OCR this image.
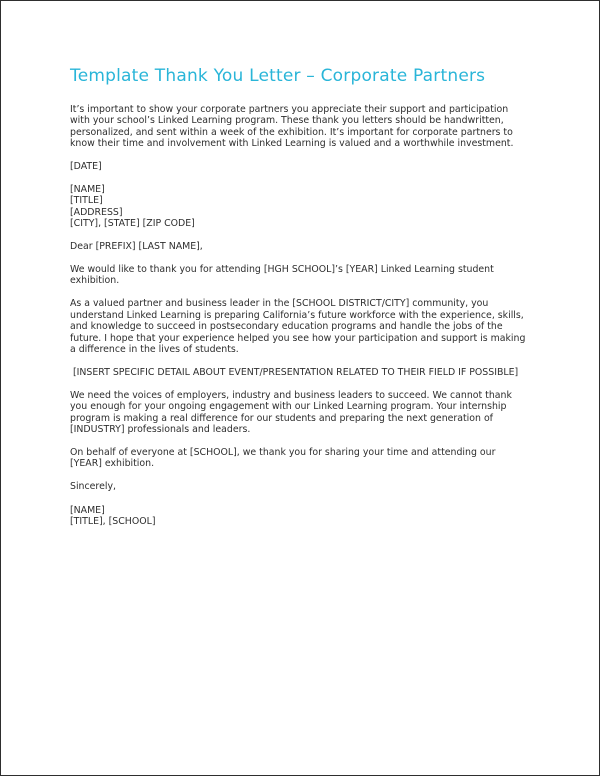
Template Thank You Letter – Corporate Partners

It’s important to show your corporate partners you appreciate their support and participation with your school’s Linked Learning program. These thank you letters should be handwritten, personalized, and sent within a week of the exhibition. It’s important for corporate partners to know their time and involvement with Linked Learning is valued and a worthwhile investment.

[DATE]

[NAME]
[TITLE]
[ADDRESS]
[CITY], [STATE] [ZIP CODE]

Dear [PREFIX] [LAST NAME],

We would like to thank you for attending [HGH SCHOOL]’s [YEAR] Linked Learning student exhibition.

As a valued partner and business leader in the [SCHOOL DISTRICT/CITY] community, you understand Linked Learning is preparing California’s future workforce with the experience, skills, and knowledge to succeed in postsecondary education programs and handle the jobs of the future. I hope that your experience helped you see how your participation and support is making a difference in the lives of students.

[INSERT SPECIFIC DETAIL ABOUT EVENT/PRESENTATION RELATED TO THEIR FIELD IF POSSIBLE]

We need the voices of employers, industry and business leaders to succeed. We cannot thank you enough for your ongoing engagement with our Linked Learning program. Your internship program is making a real difference for our students and preparing the next generation of [INDUSTRY] professionals and leaders.

On behalf of everyone at [SCHOOL], we thank you for sharing your time and attending our [YEAR] exhibition.

Sincerely,

[NAME]
[TITLE], [SCHOOL]
